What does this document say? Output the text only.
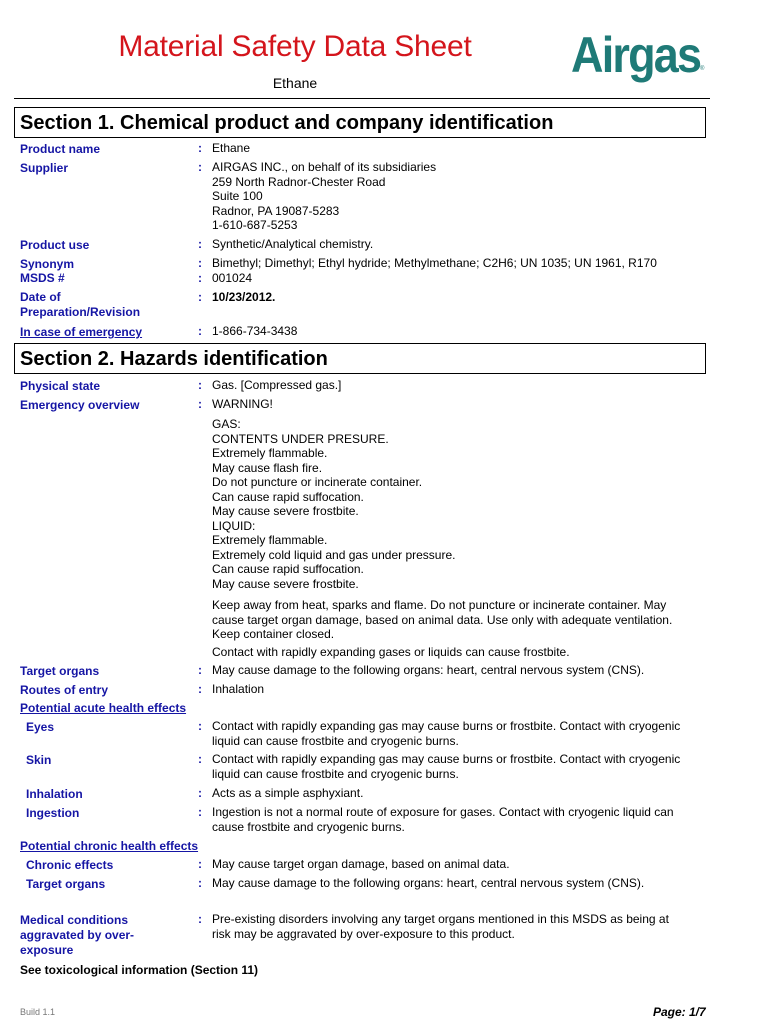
Material Safety Data Sheet
Ethane	Airgas ®
Section 1. Chemical product and company identification
Product name	: Ethane
Supplier	: AIRGAS INC., on behalf of its subsidiaries
259 North Radnor-Chester Road
Suite 100
Radnor, PA 19087-5283
1-610-687-5253
Product use	: Synthetic/Analytical chemistry.
Synonym	: Bimethyl; Dimethyl; Ethyl hydride; Methylmethane; C2H6; UN 1035; UN 1961, R170
MSDS #	: 001024
Date of
Preparation/Revision
: 10/23/2012.
In case of emergency	: 1-866-734-3438
Section 2. Hazards identification
Physical state	: Gas. [Compressed gas.]
Emergency overview	: WARNING!
GAS:
CONTENTS UNDER PRESURE.
Extremely flammable.
May cause flash fire.
Do not puncture or incinerate container.
Can cause rapid suffocation.
May cause severe frostbite.
LIQUID:
Extremely flammable.
Extremely cold liquid and gas under pressure.
Can cause rapid suffocation.
May cause severe frostbite.
Keep away from heat, sparks and flame. Do not puncture or incinerate container. May
cause target organ damage, based on animal data. Use only with adequate ventilation.
Keep container closed.
Contact with rapidly expanding gases or liquids can cause frostbite.
Target organs	: May cause damage to the following organs: heart, central nervous system (CNS).
Routes of entry	: Inhalation
Potential acute health effects
Eyes	: Contact with rapidly expanding gas may cause burns or frostbite. Contact with cryogenic
liquid can cause frostbite and cryogenic burns.
Skin	: Contact with rapidly expanding gas may cause burns or frostbite. Contact with cryogenic
liquid can cause frostbite and cryogenic burns.
Inhalation	: Acts as a simple asphyxiant.
Ingestion	: Ingestion is not a normal route of exposure for gases. Contact with cryogenic liquid can
cause frostbite and cryogenic burns.
Potential chronic health effects
Chronic effects	: May cause target organ damage, based on animal data.
Target organs	: May cause damage to the following organs: heart, central nervous system (CNS).
Medical conditions
aggravated by over-
exposure
: Pre-existing disorders involving any target organs mentioned in this MSDS as being at
risk may be aggravated by over-exposure to this product.
See toxicological information (Section 11)
Build 1.1	Page: 1/7
